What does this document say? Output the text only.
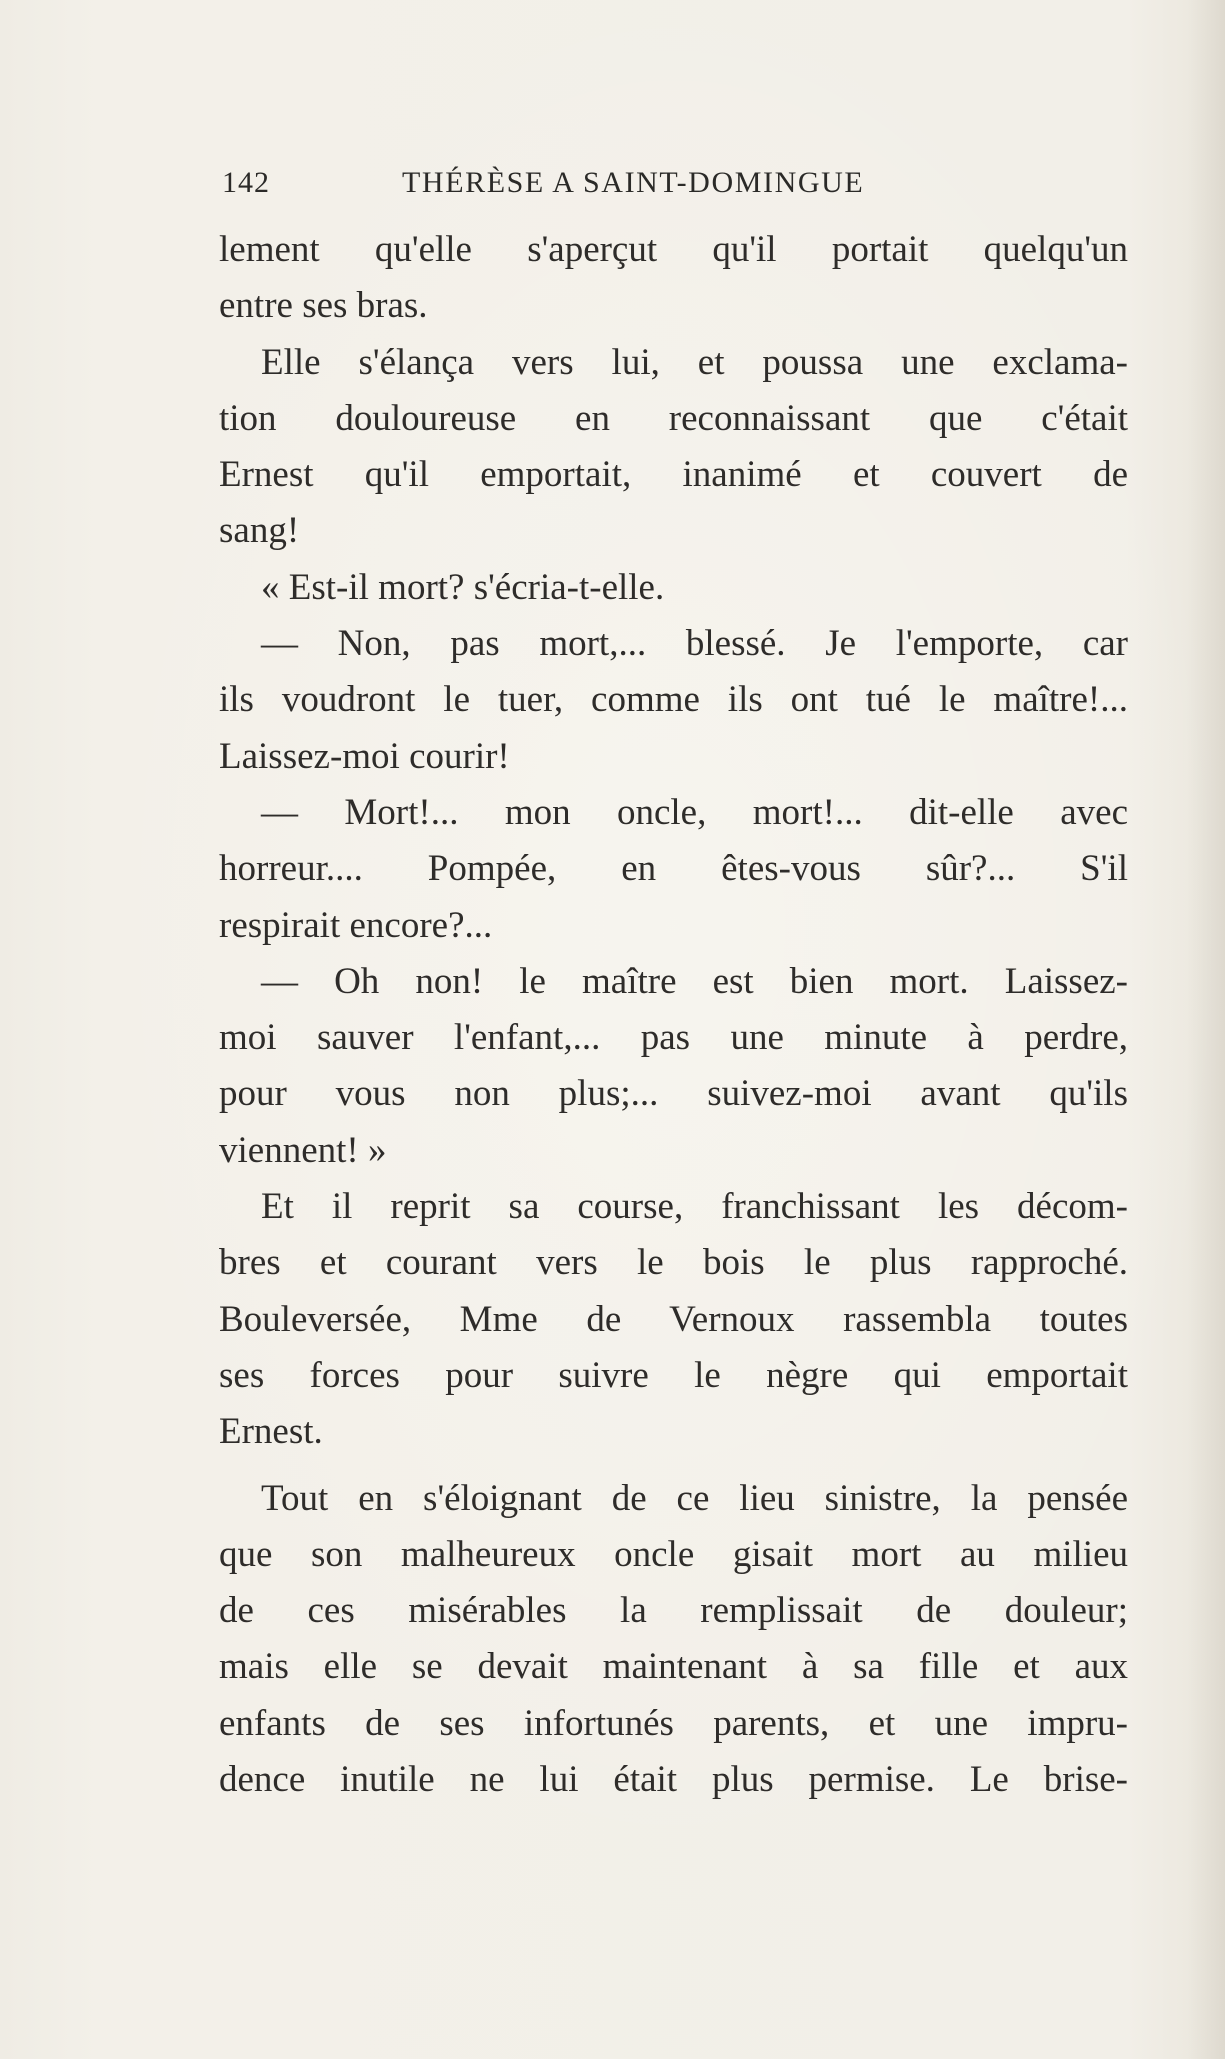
142	THÉRÈSE A SAINT-DOMINGUE
lement qu'elle s'aperçut qu'il portait quelqu'un
entre ses bras.
Elle s'élança vers lui, et poussa une exclama-
tion douloureuse en reconnaissant que c'était
Ernest qu'il emportait, inanimé et couvert de
sang!
« Est-il mort? s'écria-t-elle.
— Non, pas mort,... blessé. Je l'emporte, car
ils voudront le tuer, comme ils ont tué le maître!...
Laissez-moi courir!
— Mort!... mon oncle, mort!... dit-elle avec
horreur.... Pompée, en êtes-vous sûr?... S'il
respirait encore?...
— Oh non! le maître est bien mort. Laissez-
moi sauver l'enfant,... pas une minute à perdre,
pour vous non plus;... suivez-moi avant qu'ils
viennent! »
Et il reprit sa course, franchissant les décom-
bres et courant vers le bois le plus rapproché.
Bouleversée, Mme de Vernoux rassembla toutes
ses forces pour suivre le nègre qui emportait
Ernest.
Tout en s'éloignant de ce lieu sinistre, la pensée
que son malheureux oncle gisait mort au milieu
de ces misérables la remplissait de douleur;
mais elle se devait maintenant à sa fille et aux
enfants de ses infortunés parents, et une impru-
dence inutile ne lui était plus permise. Le brise-
